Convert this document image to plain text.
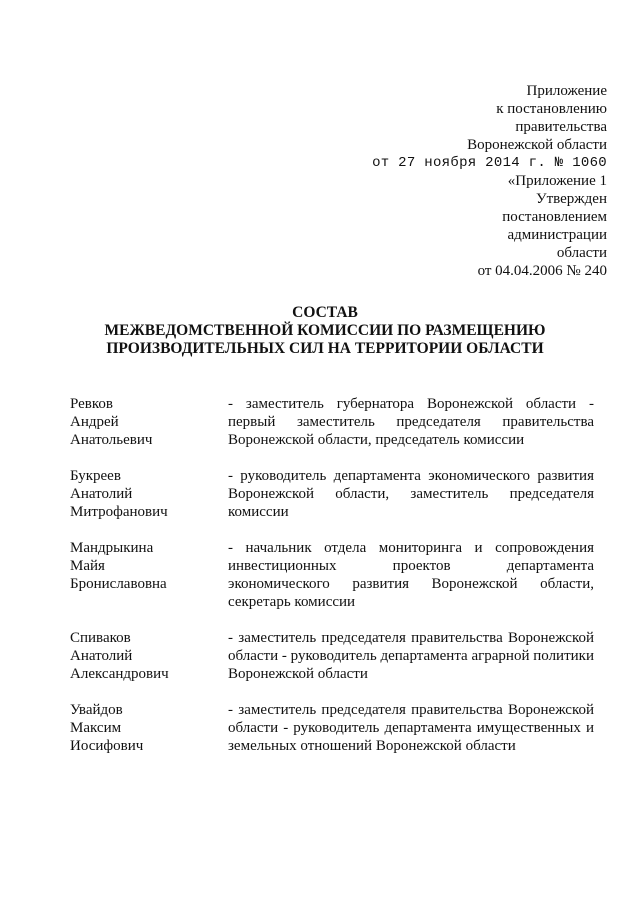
Приложение
к постановлению
правительства
Воронежской области
от 27 ноября 2014 г. № 1060
«Приложение 1
Утвержден
постановлением
администрации
области
от 04.04.2006 № 240
СОСТАВ
МЕЖВЕДОМСТВЕННОЙ КОМИССИИ ПО РАЗМЕЩЕНИЮ
ПРОИЗВОДИТЕЛЬНЫХ СИЛ НА ТЕРРИТОРИИ ОБЛАСТИ
Ревков
Андрей
Анатольевич
- заместитель губернатора Воронежской области - первый заместитель председателя правительства Воронежской области, председатель комиссии
Букреев
Анатолий
Митрофанович
- руководитель департамента экономического развития Воронежской области, заместитель председателя комиссии
Мандрыкина
Майя
Брониславовна
- начальник отдела мониторинга и сопровождения инвестиционных проектов департамента экономического развития Воронежской области, секретарь комиссии
Спиваков
Анатолий
Александрович
- заместитель председателя правительства Воронежской области - руководитель департамента аграрной политики Воронежской области
Увайдов
Максим
Иосифович
- заместитель председателя правительства Воронежской области - руководитель департамента имущественных и земельных отношений Воронежской области
